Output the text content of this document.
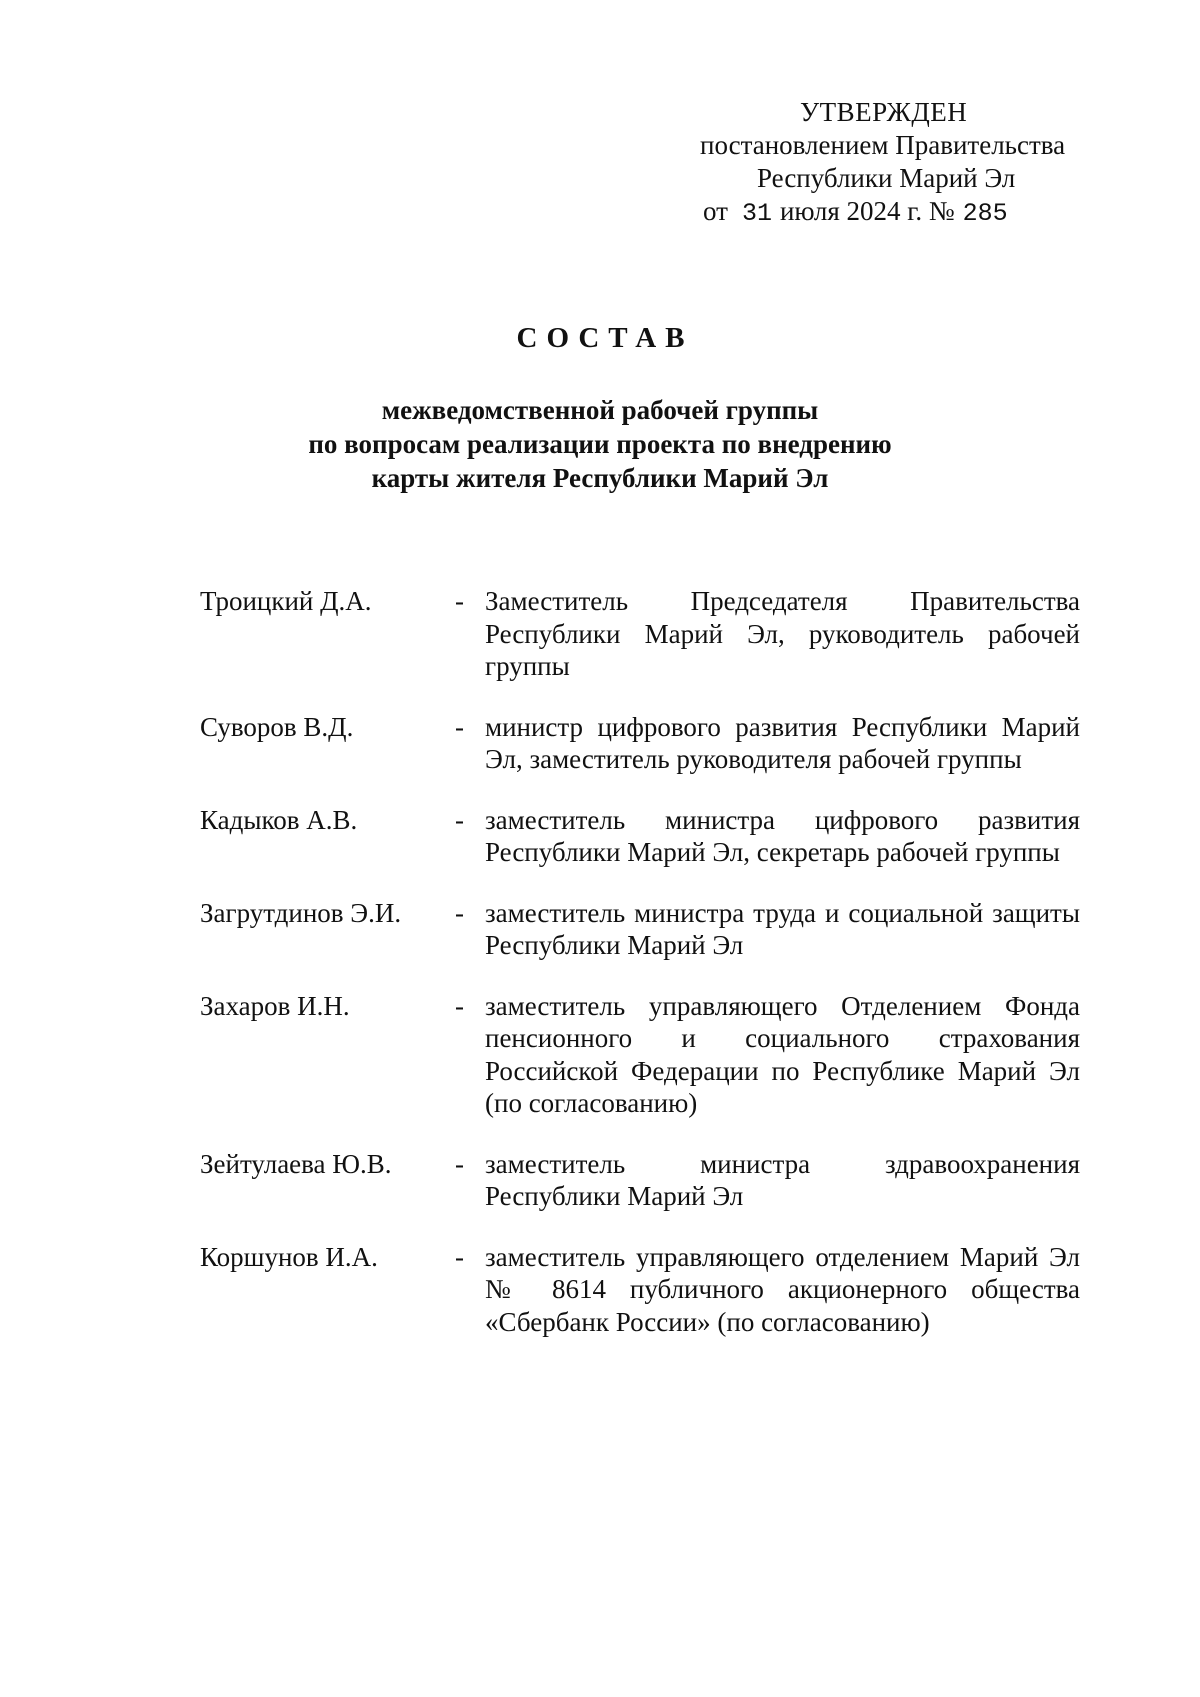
УТВЕРЖДЕН
постановлением Правительства
Республики Марий Эл
от 31 июля 2024 г. № 285
СОСТАВ
межведомственной рабочей группы
по вопросам реализации проекта по внедрению
карты жителя Республики Марий Эл
Троицкий Д.А.	- Заместитель Председателя Правительства Республики Марий Эл, руководитель рабочей группы
Суворов В.Д.	- министр цифрового развития Республики Марий Эл, заместитель руководителя рабочей группы
Кадыков А.В.	- заместитель министра цифрового развития Республики Марий Эл, секретарь рабочей группы
Загрутдинов Э.И. - заместитель министра труда и социальной защиты Республики Марий Эл
Захаров И.Н.	- заместитель управляющего Отделением Фонда пенсионного и социального страхования Российской Федерации по Республике Марий Эл (по согласованию)
Зейтулаева Ю.В. - заместитель министра здравоохранения Республики Марий Эл
Коршунов И.А.	- заместитель управляющего отделением Марий Эл № 8614 публичного акционерного общества «Сбербанк России» (по согласованию)
